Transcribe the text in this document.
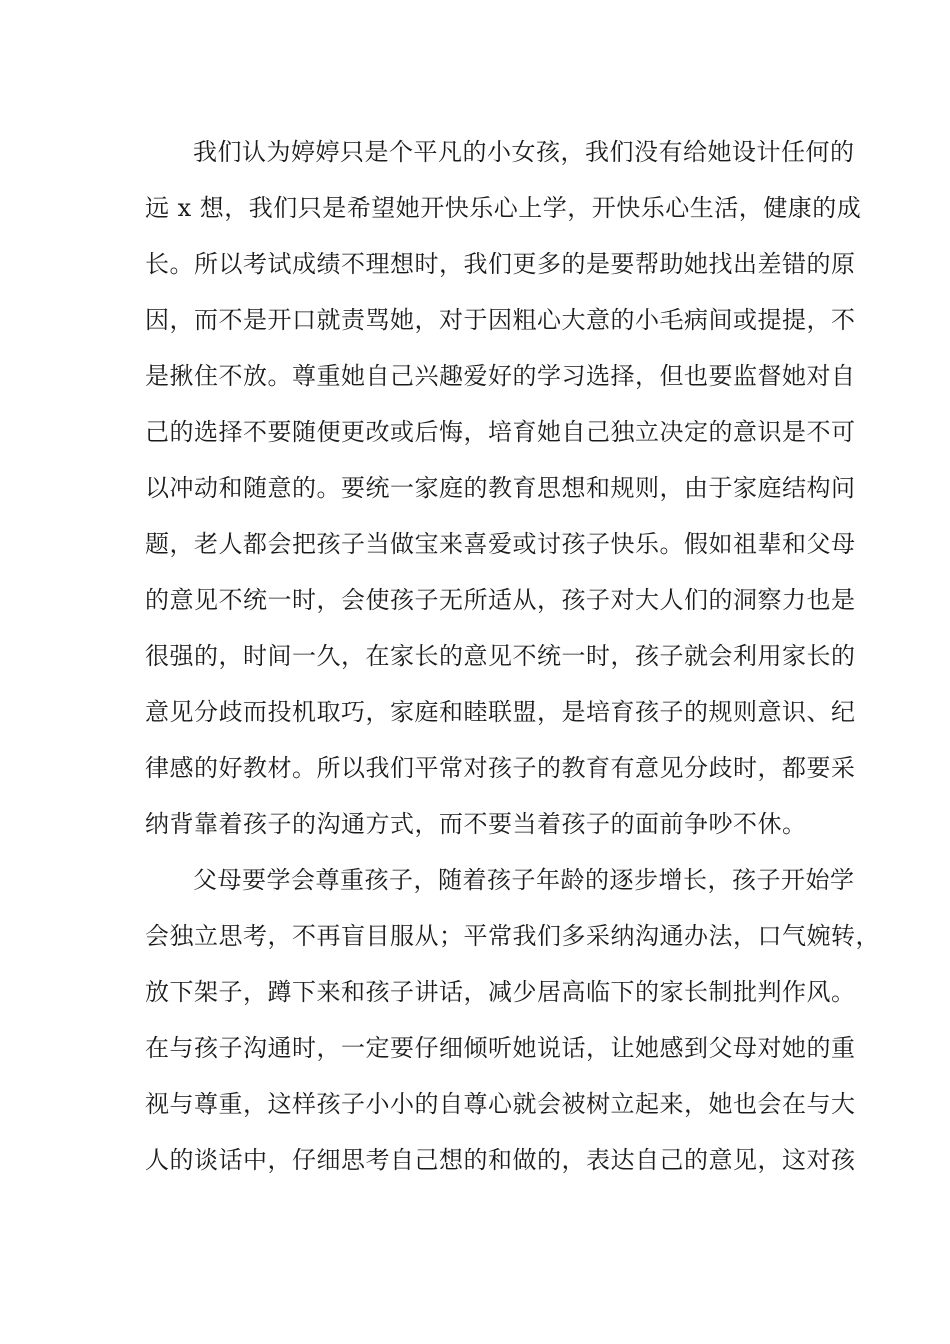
我们认为婷婷只是个平凡的小女孩，我们没有给她设计任何的
远 x 想，我们只是希望她开快乐心上学，开快乐心生活，健康的成
长。所以考试成绩不理想时，我们更多的是要帮助她找出差错的原
因，而不是开口就责骂她，对于因粗心大意的小毛病间或提提，不
是揪住不放。尊重她自己兴趣爱好的学习选择，但也要监督她对自
己的选择不要随便更改或后悔，培育她自己独立决定的意识是不可
以冲动和随意的。要统一家庭的教育思想和规则，由于家庭结构问
题，老人都会把孩子当做宝来喜爱或讨孩子快乐。假如祖辈和父母
的意见不统一时，会使孩子无所适从，孩子对大人们的洞察力也是
很强的，时间一久，在家长的意见不统一时，孩子就会利用家长的
意见分歧而投机取巧，家庭和睦联盟，是培育孩子的规则意识、纪
律感的好教材。所以我们平常对孩子的教育有意见分歧时，都要采
纳背靠着孩子的沟通方式，而不要当着孩子的面前争吵不休。
父母要学会尊重孩子，随着孩子年龄的逐步增长，孩子开始学
会独立思考，不再盲目服从；平常我们多采纳沟通办法，口气婉转，
放下架子，蹲下来和孩子讲话，减少居高临下的家长制批判作风。
在与孩子沟通时，一定要仔细倾听她说话，让她感到父母对她的重
视与尊重，这样孩子小小的自尊心就会被树立起来，她也会在与大
人的谈话中，仔细思考自己想的和做的，表达自己的意见，这对孩
